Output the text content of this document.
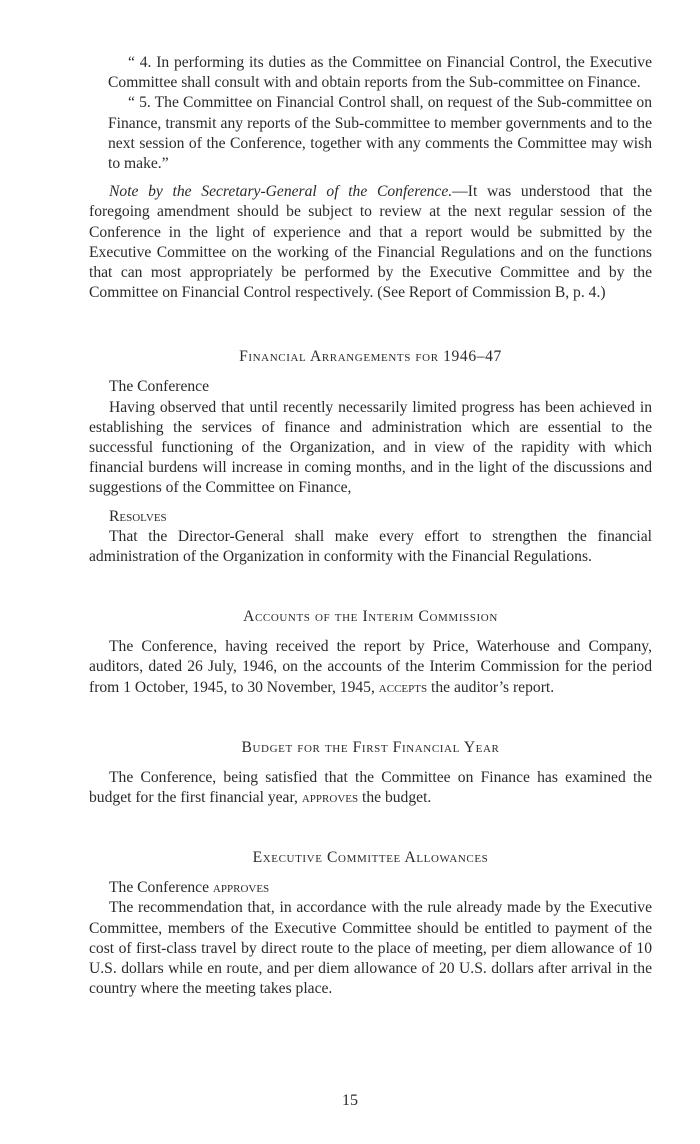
“ 4. In performing its duties as the Committee on Financial Control, the Executive Committee shall consult with and obtain reports from the Sub-committee on Finance.

“ 5. The Committee on Financial Control shall, on request of the Sub-committee on Finance, transmit any reports of the Sub-committee to member governments and to the next session of the Conference, together with any comments the Committee may wish to make.”

Note by the Secretary-General of the Conference.—It was understood that the foregoing amendment should be subject to review at the next regular session of the Conference in the light of experience and that a report would be submitted by the Executive Committee on the working of the Financial Regulations and on the functions that can most appropriately be performed by the Executive Committee and by the Committee on Financial Control respectively. (See Report of Commission B, p. 4.)

Financial Arrangements for 1946–47

The Conference

Having observed that until recently necessarily limited progress has been achieved in establishing the services of finance and administration which are essential to the successful functioning of the Organization, and in view of the rapidity with which financial burdens will increase in coming months, and in the light of the discussions and suggestions of the Committee on Finance,

Resolves

That the Director-General shall make every effort to strengthen the financial administration of the Organization in conformity with the Financial Regulations.

Accounts of the Interim Commission

The Conference, having received the report by Price, Waterhouse and Company, auditors, dated 26 July, 1946, on the accounts of the Interim Commission for the period from 1 October, 1945, to 30 November, 1945, accepts the auditor’s report.

Budget for the First Financial Year

The Conference, being satisfied that the Committee on Finance has examined the budget for the first financial year, approves the budget.

Executive Committee Allowances

The Conference approves

The recommendation that, in accordance with the rule already made by the Executive Committee, members of the Executive Committee should be entitled to payment of the cost of first-class travel by direct route to the place of meeting, per diem allowance of 10 U.S. dollars while en route, and per diem allowance of 20 U.S. dollars after arrival in the country where the meeting takes place.

15
